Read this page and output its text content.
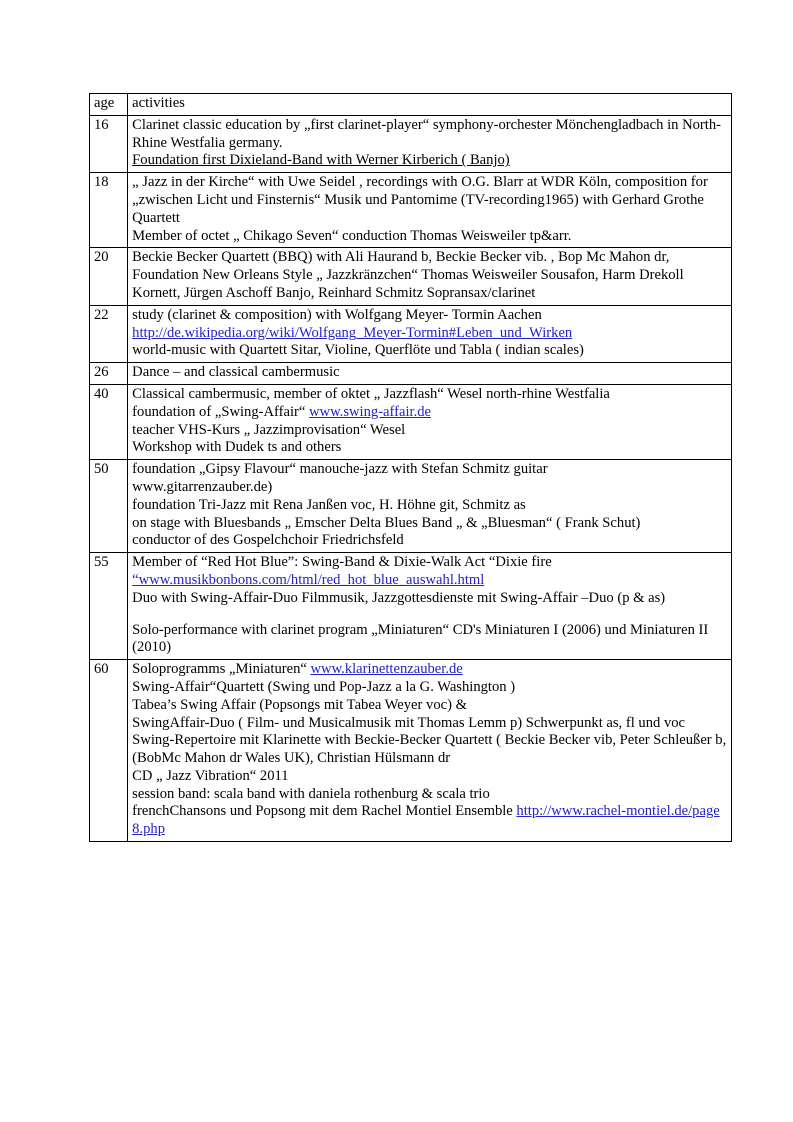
age	activities
16	Clarinet classic education by „first clarinet-player“ symphony-orchester Mönchengladbach in North-Rhine Westfalia germany.
Foundation first Dixieland-Band with Werner Kirberich ( Banjo)

18	„ Jazz in der Kirche“ with Uwe Seidel , recordings with O.G. Blarr at WDR Köln, composition for „zwischen Licht und Finsternis“ Musik und Pantomime (TV-recording1965) with Gerhard Grothe Quartett
Member of octet „ Chikago Seven“ conduction Thomas Weisweiler tp&arr.

20	Beckie Becker Quartett (BBQ) with Ali Haurand b, Beckie Becker vib. , Bop Mc Mahon dr, Foundation New Orleans Style „ Jazzkränzchen“ Thomas Weisweiler Sousafon, Harm Drekoll Kornett, Jürgen Aschoff Banjo, Reinhard Schmitz Sopransax/clarinet

22	study (clarinet & composition) with Wolfgang Meyer- Tormin Aachen
http://de.wikipedia.org/wiki/Wolfgang_Meyer-Tormin#Leben_und_Wirken
world-music with Quartett Sitar, Violine, Querflöte und Tabla ( indian scales)

26	Dance – and classical cambermusic

40	Classical cambermusic, member of oktet „ Jazzflash“ Wesel north-rhine Westfalia
foundation of „Swing-Affair“ www.swing-affair.de
teacher VHS-Kurs „ Jazzimprovisation“ Wesel
Workshop with Dudek ts and others

50	foundation „Gipsy Flavour“ manouche-jazz with Stefan Schmitz guitar
www.gitarrenzauber.de)
foundation Tri-Jazz mit Rena Janßen voc, H. Höhne git, Schmitz as
on stage with Bluesbands „ Emscher Delta Blues Band „ & „Bluesman“ ( Frank Schut)
conductor of des Gospelchchoir Friedrichsfeld

55	Member of “Red Hot Blue”: Swing-Band & Dixie-Walk Act “Dixie fire
“www.musikbonbons.com/html/red_hot_blue_auswahl.html
Duo with Swing-Affair-Duo Filmmusik, Jazzgottesdienste mit Swing-Affair –Duo (p & as)
Solo-performance with clarinet program „Miniaturen“ CD's Miniaturen I (2006) und Miniaturen II (2010)

60	Soloprogramms „Miniaturen“ www.klarinettenzauber.de
Swing-Affair“Quartett (Swing und Pop-Jazz a la G. Washington )
Tabea’s Swing Affair (Popsongs mit Tabea Weyer voc) &
SwingAffair-Duo ( Film- und Musicalmusik mit Thomas Lemm p) Schwerpunkt as, fl und voc
Swing-Repertoire mit Klarinette with Beckie-Becker Quartett ( Beckie Becker vib, Peter Schleußer b, (BobMc Mahon dr Wales UK), Christian Hülsmann dr
CD „ Jazz Vibration“ 2011
session band: scala band with daniela rothenburg & scala trio
frenchChansons und Popsong mit dem Rachel Montiel Ensemble http://www.rachel-montiel.de/page8.php
